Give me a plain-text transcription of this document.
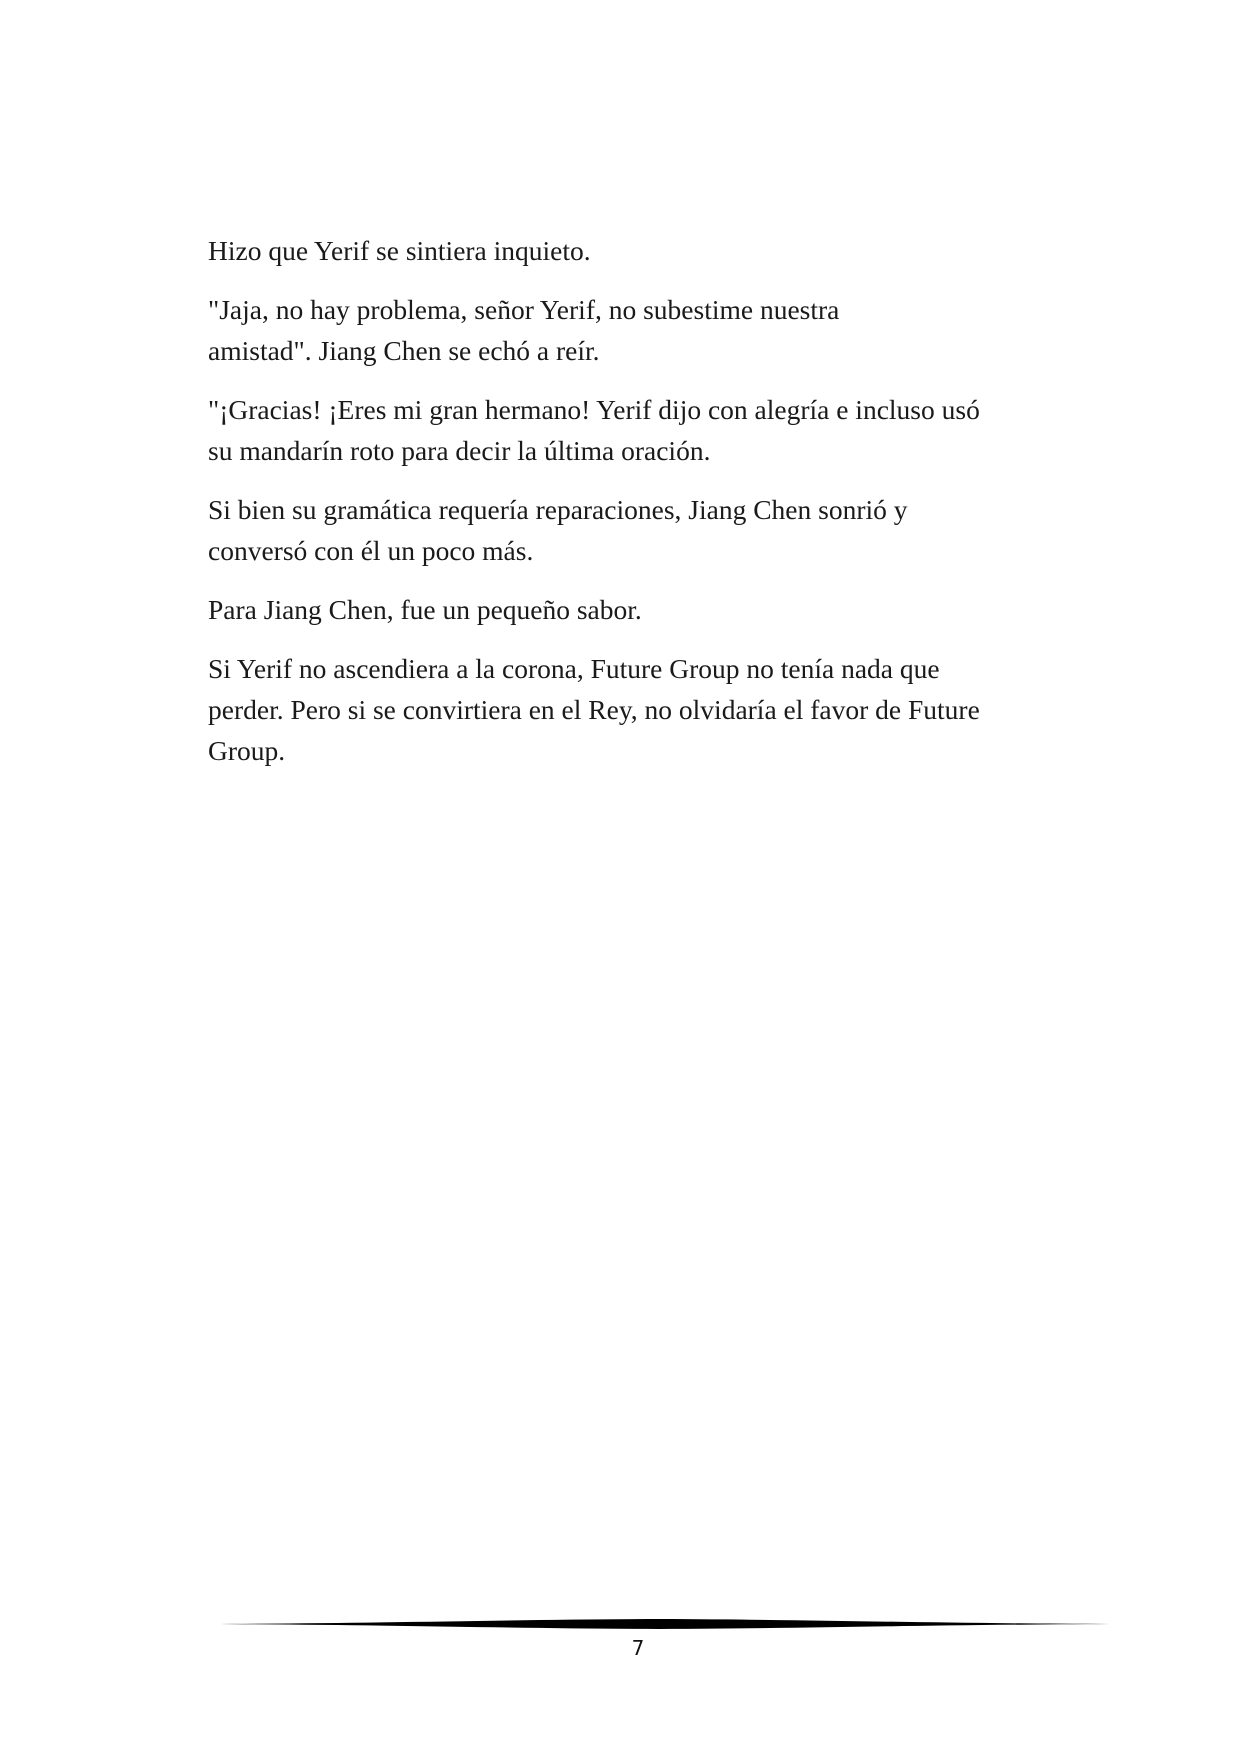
Hizo que Yerif se sintiera inquieto.

"Jaja, no hay problema, señor Yerif, no subestime nuestra
amistad". Jiang Chen se echó a reír.

"¡Gracias! ¡Eres mi gran hermano! Yerif dijo con alegría e incluso usó
su mandarín roto para decir la última oración.

Si bien su gramática requería reparaciones, Jiang Chen sonrió y
conversó con él un poco más.

Para Jiang Chen, fue un pequeño sabor.

Si Yerif no ascendiera a la corona, Future Group no tenía nada que
perder. Pero si se convirtiera en el Rey, no olvidaría el favor de Future
Group.

7
